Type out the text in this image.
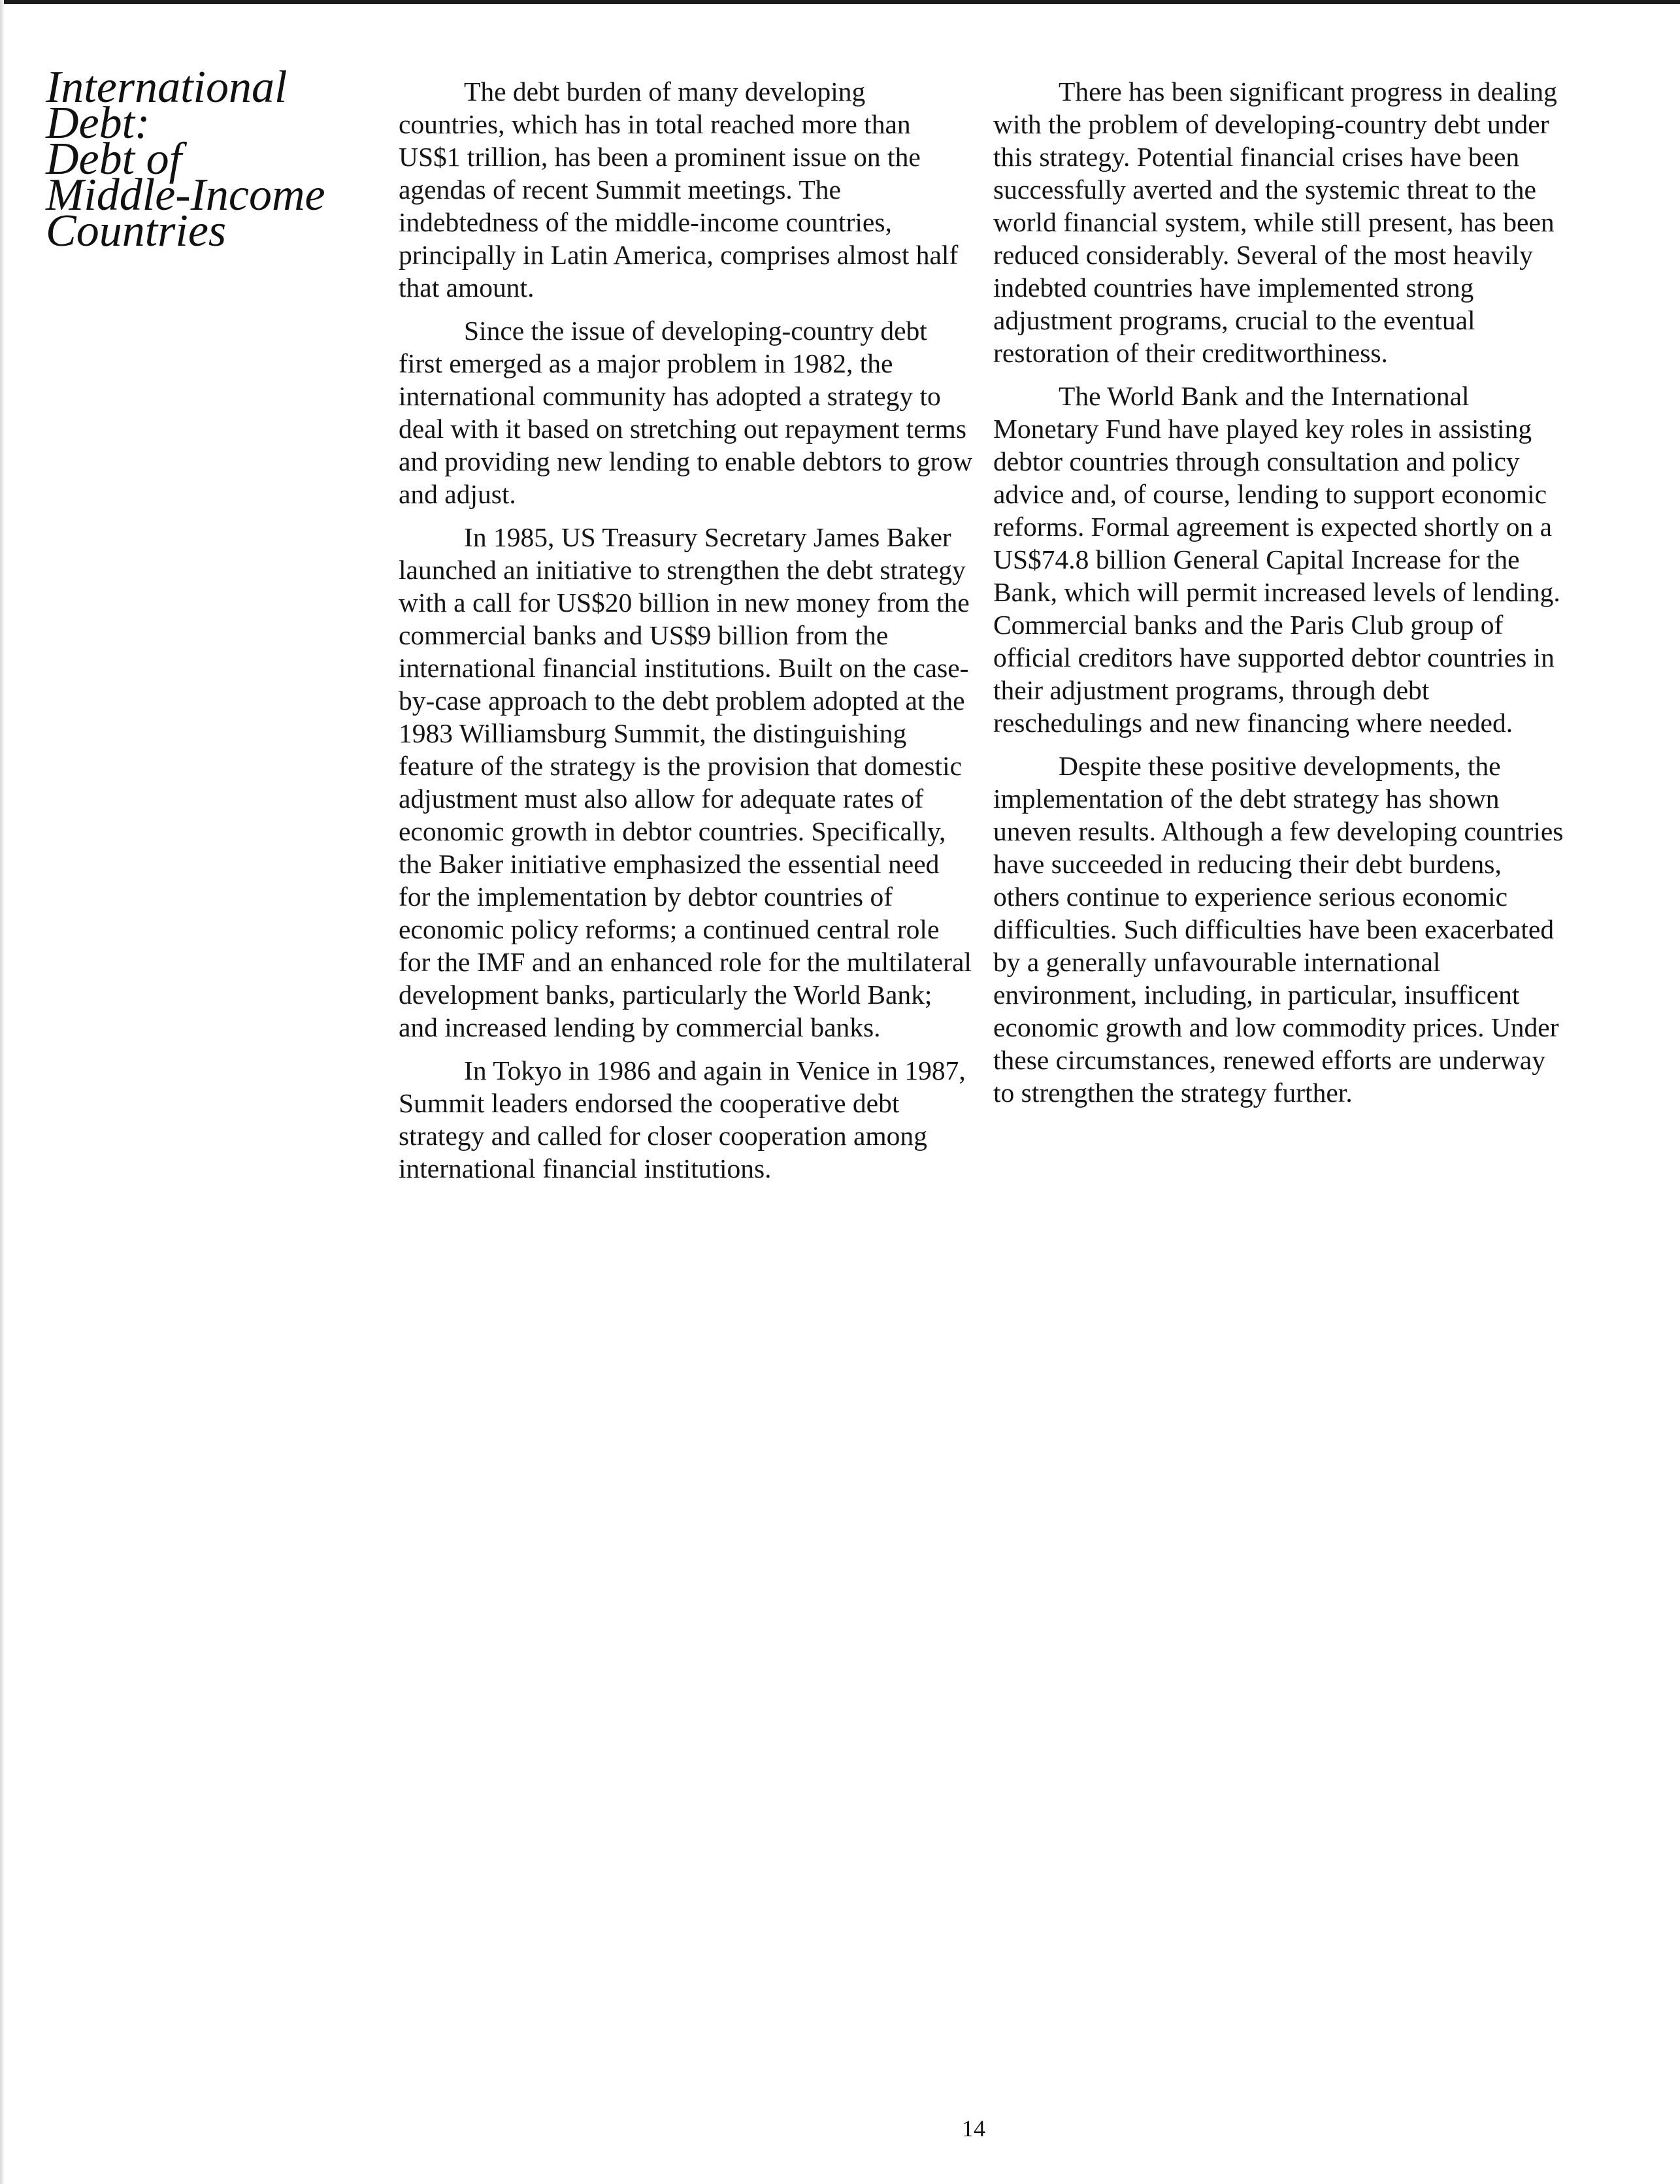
International
Debt:
Debt of
Middle-Income
Countries

The debt burden of many developing countries, which has in total reached more than US$1 trillion, has been a prominent issue on the agendas of recent Summit meetings. The indebtedness of the middle-income countries, principally in Latin America, comprises almost half that amount.

Since the issue of developing-country debt first emerged as a major problem in 1982, the international community has adopted a strategy to deal with it based on stretching out repayment terms and providing new lending to enable debtors to grow and adjust.

In 1985, US Treasury Secretary James Baker launched an initiative to strengthen the debt strategy with a call for US$20 billion in new money from the commercial banks and US$9 billion from the international financial institutions. Built on the case-by-case approach to the debt problem adopted at the 1983 Williamsburg Summit, the distinguishing feature of the strategy is the provision that domestic adjustment must also allow for adequate rates of economic growth in debtor countries. Specifically, the Baker initiative emphasized the essential need for the implementation by debtor countries of economic policy reforms; a continued central role for the IMF and an enhanced role for the multilateral development banks, particularly the World Bank; and increased lending by commercial banks.

In Tokyo in 1986 and again in Venice in 1987, Summit leaders endorsed the cooperative debt strategy and called for closer cooperation among international financial institutions.

There has been significant progress in dealing with the problem of developing-country debt under this strategy. Potential financial crises have been successfully averted and the systemic threat to the world financial system, while still present, has been reduced considerably. Several of the most heavily indebted countries have implemented strong adjustment programs, crucial to the eventual restoration of their creditworthiness.

The World Bank and the International Monetary Fund have played key roles in assisting debtor countries through consultation and policy advice and, of course, lending to support economic reforms. Formal agreement is expected shortly on a US$74.8 billion General Capital Increase for the Bank, which will permit increased levels of lending. Commercial banks and the Paris Club group of official creditors have supported debtor countries in their adjustment programs, through debt reschedulings and new financing where needed.

Despite these positive developments, the implementation of the debt strategy has shown uneven results. Although a few developing countries have succeeded in reducing their debt burdens, others continue to experience serious economic difficulties. Such difficulties have been exacerbated by a generally unfavourable international environment, including, in particular, insufficent economic growth and low commodity prices. Under these circumstances, renewed efforts are underway to strengthen the strategy further.

14
